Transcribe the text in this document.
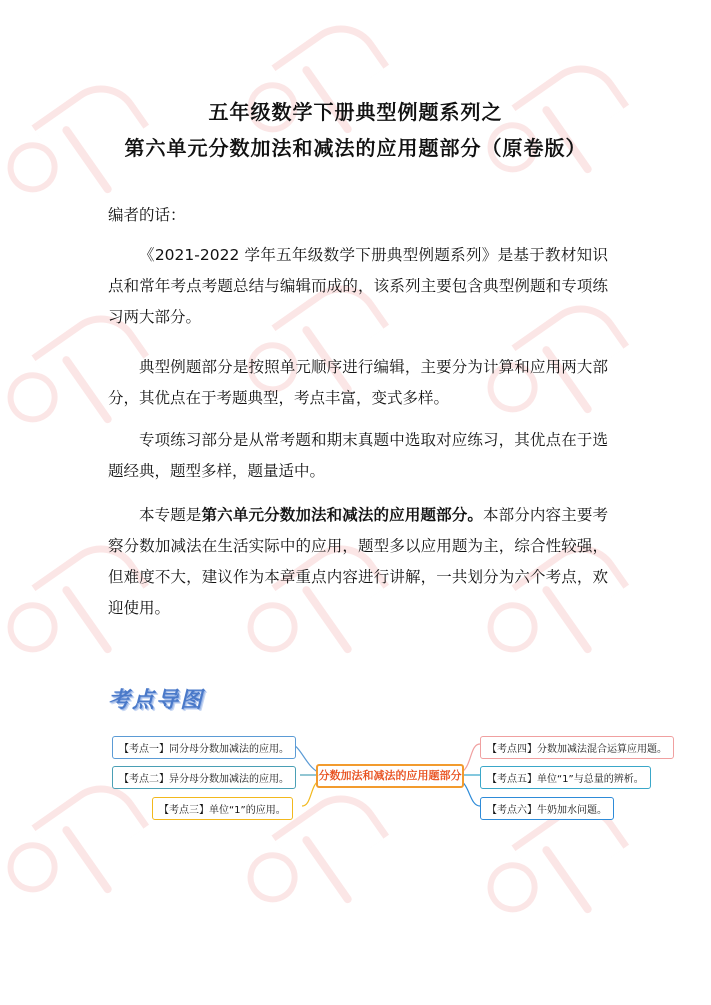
五年级数学下册典型例题系列之
第六单元分数加法和减法的应用题部分（原卷版）
编者的话：
《2021-2022 学年五年级数学下册典型例题系列》是基于教材知识点和常年考点考题总结与编辑而成的，该系列主要包含典型例题和专项练习两大部分。
典型例题部分是按照单元顺序进行编辑，主要分为计算和应用两大部分，其优点在于考题典型，考点丰富，变式多样。
专项练习部分是从常考题和期末真题中选取对应练习，其优点在于选题经典，题型多样，题量适中。
本专题是第六单元分数加法和减法的应用题部分。本部分内容主要考察分数加减法在生活实际中的应用，题型多以应用题为主，综合性较强，但难度不大，建议作为本章重点内容进行讲解，一共划分为六个考点，欢迎使用。
考点导图
【考点一】同分母分数加减法的应用。
【考点二】异分母分数加减法的应用。
【考点三】单位“1”的应用。
分数加法和减法的应用题部分
【考点四】分数加减法混合运算应用题。
【考点五】单位“1”与总量的辨析。
【考点六】牛奶加水问题。
